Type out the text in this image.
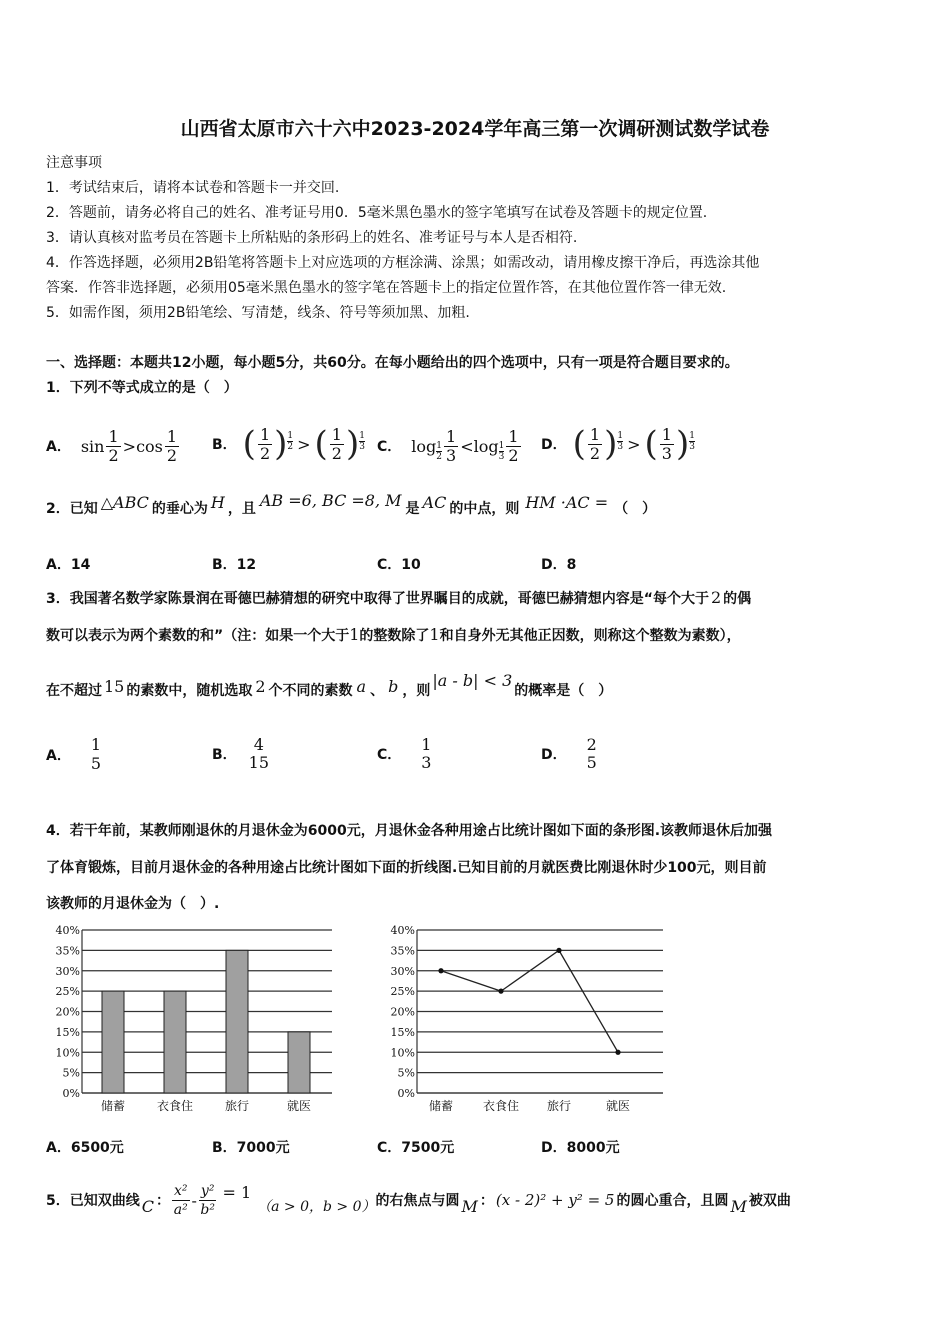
山西省太原市六十六中2023-2024学年高三第一次调研测试数学试卷
注意事项
1．考试结束后，请将本试卷和答题卡一并交回.
2．答题前，请务必将自己的姓名、准考证号用0．5毫米黑色墨水的签字笔填写在试卷及答题卡的规定位置.
3．请认真核对监考员在答题卡上所粘贴的条形码上的姓名、准考证号与本人是否相符.
4．作答选择题，必须用2B铅笔将答题卡上对应选项的方框涂满、涂黑；如需改动，请用橡皮擦干净后，再选涂其他
答案．作答非选择题，必须用05毫米黑色墨水的签字笔在答题卡上的指定位置作答，在其他位置作答一律无效.
5．如需作图，须用2B铅笔绘、写清楚，线条、符号等须加黑、加粗.
一、选择题：本题共12小题，每小题5分，共60分。在每小题给出的四个选项中，只有一项是符合题目要求的。
1．下列不等式成立的是（　）
A． $\sin \frac{1}{2} > \cos \frac{1}{2}$ B． ( $\frac{1}{2}$ ) $\frac{1}{2}$ > ( $\frac{1}{2}$ ) $\frac{1}{3}$ C． $\log \frac{1}{2} \frac{1}{3} < \log \frac{1}{3} \frac{1}{2}$ D． ( $\frac{1}{2}$ ) $\frac{1}{3}$ > ( $\frac{1}{3}$ ) $\frac{1}{3}$
2．已知 △ABC 的垂心为 H ，且 AB =6, BC =8, M 是 AC 的中点，则 HM ·AC = （　）
A．14	B．12	C．10	D．8
3．我国著名数学家陈景润在哥德巴赫猜想的研究中取得了世界瞩目的成就，哥德巴赫猜想内容是“每个大于 2 的偶
数可以表示为两个素数的和”（注：如果一个大于1的整数除了1和自身外无其他正因数，则称这个整数为素数），
在不超过 15 的素数中，随机选取 2 个不同的素数 a 、 b ，则
|a - b| < 3
的概率是（　）
A． $\frac{1}{5}$	B．
4
15	C．
1
3	D．
2
5
4．若干年前，某教师刚退休的月退休金为6000元，月退休金各种用途占比统计图如下面的条形图.该教师退休后加强
了体育锻炼，目前月退休金的各种用途占比统计图如下面的折线图.已知目前的月就医费比刚退休时少100元，则目前
该教师的月退休金为（　）.
0%
5%
10%
15%
20%
25%
30%
35%
40%
储蓄	衣食住	旅行	就医
0%
5%
10%
15%
20%
25%
30%
35%
40%
储蓄 衣食住 旅行	就医
A．6500元	B．7000元	C．7500元	D．8000元
5．已知双曲线 C ： $\frac{\text{x²}}{\text{a²}} - \frac{\text{y²}}{\text{b²}} = 1$
（a > 0，b > 0） 的右焦点与圆 M ： (x - 2)² + y² = 5 的圆心重合，且圆 M 被双曲
